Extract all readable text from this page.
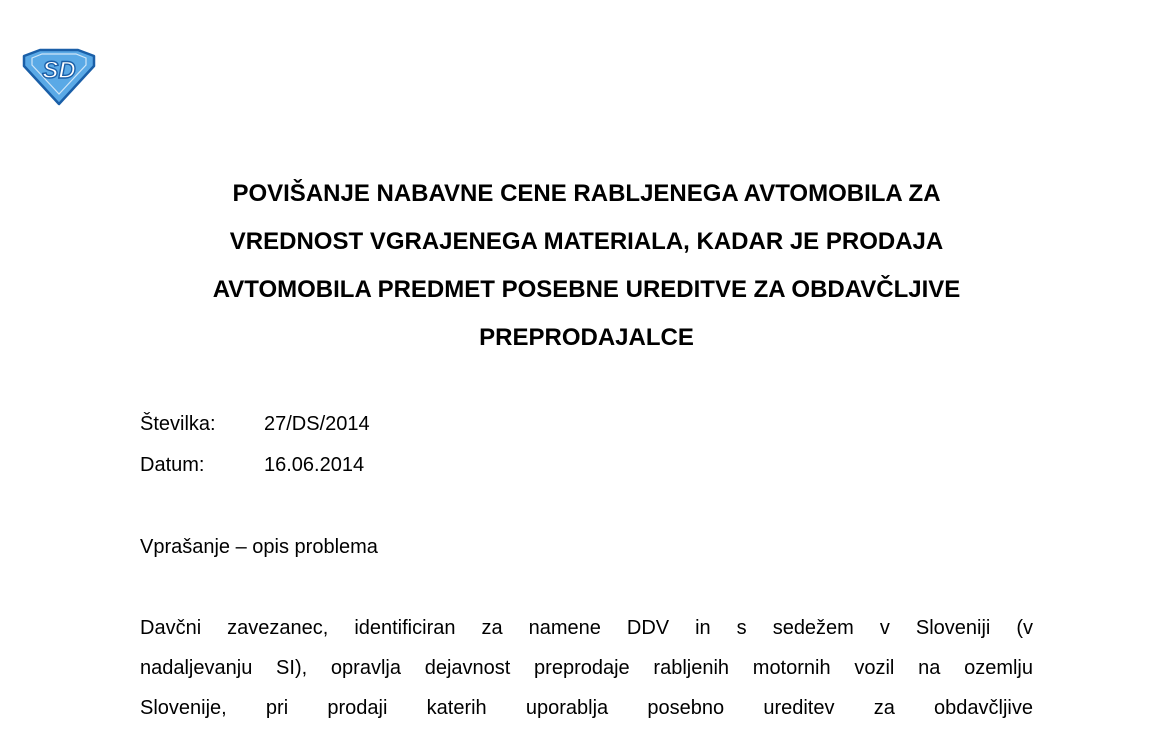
SD
POVIŠANJE NABAVNE CENE RABLJENEGA AVTOMOBILA ZA
VREDNOST VGRAJENEGA MATERIALA, KADAR JE PRODAJA
AVTOMOBILA PREDMET POSEBNE UREDITVE ZA OBDAVČLJIVE
PREPRODAJALCE
Številka:	27/DS/2014
Datum:	16.06.2014
Vprašanje – opis problema
Davčni zavezanec, identificiran za namene DDV in s sedežem v Sloveniji (v
nadaljevanju SI), opravlja dejavnost preprodaje rabljenih motornih vozil na ozemlju
Slovenije, pri prodaji katerih uporablja posebno ureditev za obdavčljive
